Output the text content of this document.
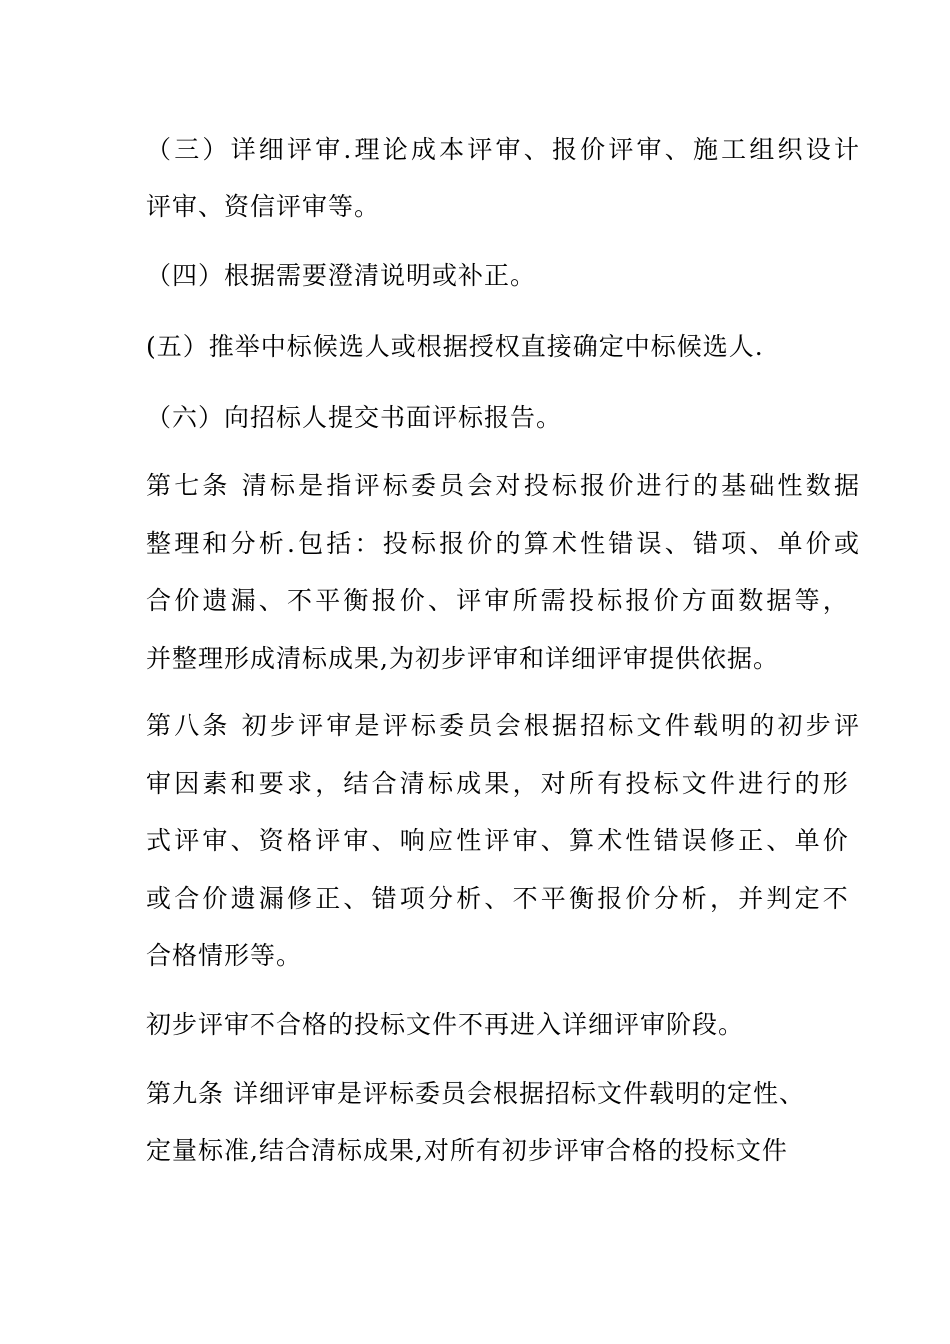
（三）详细评审.理论成本评审、报价评审、施工组织设计
评审、资信评审等。
（四）根据需要澄清说明或补正。
(五）推举中标候选人或根据授权直接确定中标候选人.
（六）向招标人提交书面评标报告。
第七条 清标是指评标委员会对投标报价进行的基础性数据
整理和分析.包括：投标报价的算术性错误、错项、单价或
合价遗漏、不平衡报价、评审所需投标报价方面数据等，
并整理形成清标成果,为初步评审和详细评审提供依据。
第八条 初步评审是评标委员会根据招标文件载明的初步评
审因素和要求，结合清标成果，对所有投标文件进行的形
式评审、资格评审、响应性评审、算术性错误修正、单价
或合价遗漏修正、错项分析、不平衡报价分析，并判定不
合格情形等。
初步评审不合格的投标文件不再进入详细评审阶段。
第九条 详细评审是评标委员会根据招标文件载明的定性、
定量标准,结合清标成果,对所有初步评审合格的投标文件
